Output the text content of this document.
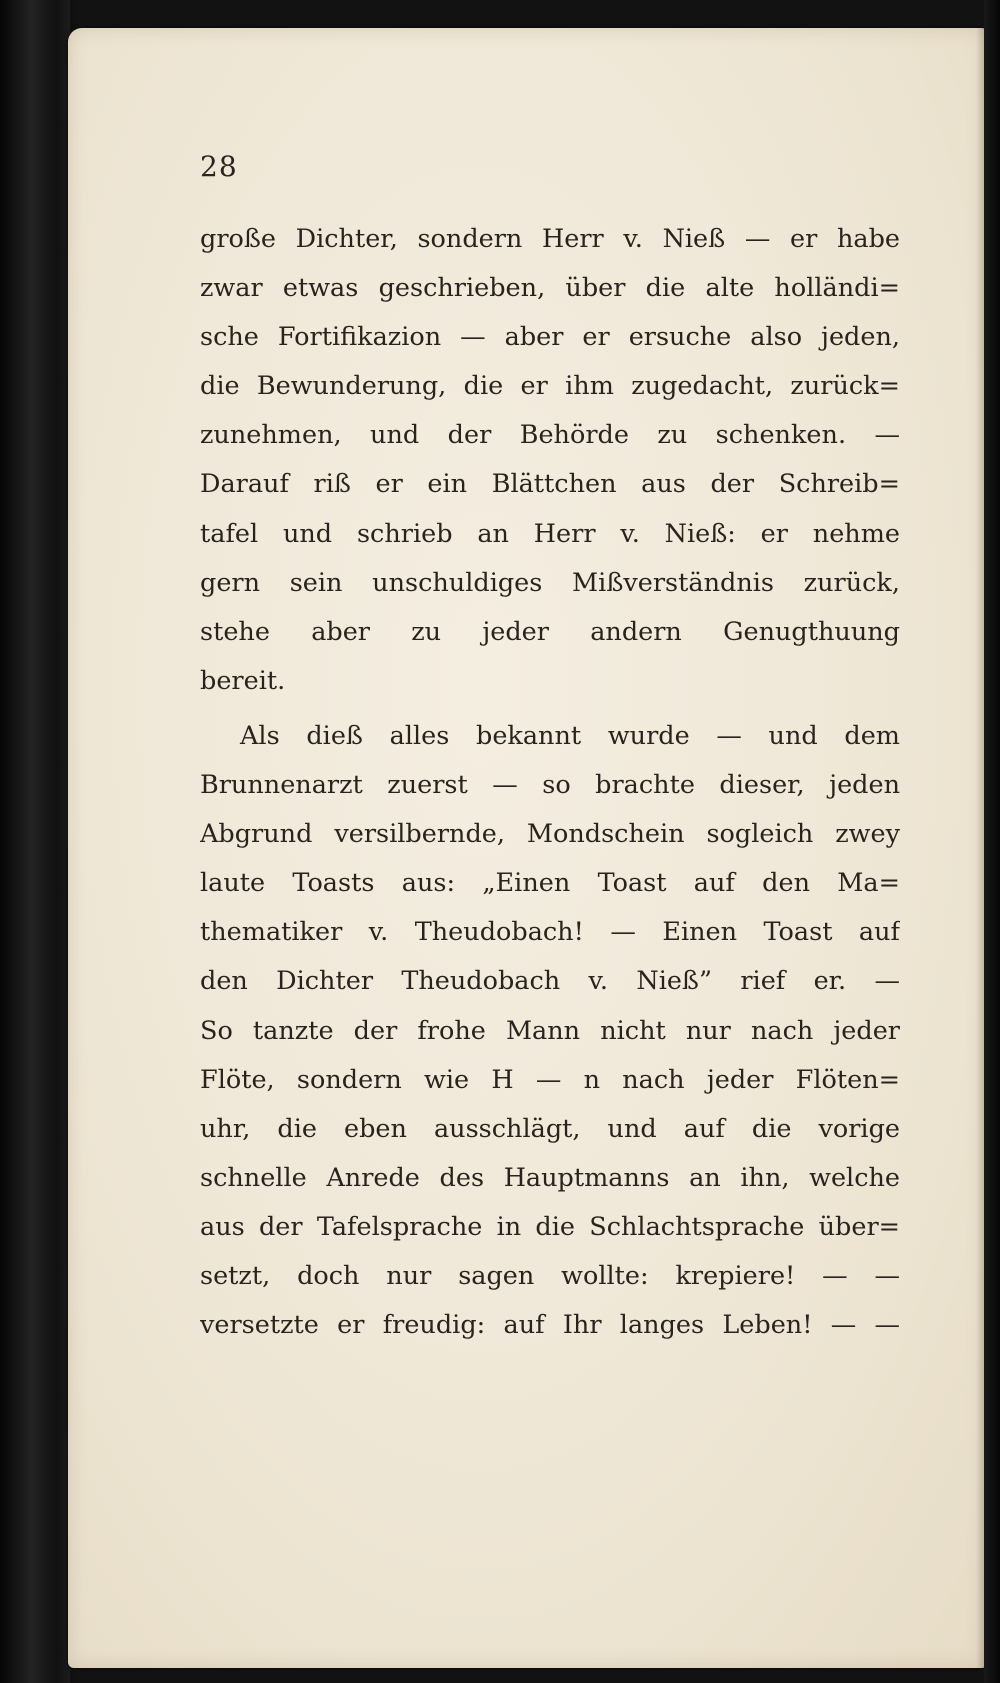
28

große Dichter, sondern Herr v. Nieß — er habe
zwar etwas geschrieben, über die alte holländi=
sche Fortifikazion — aber er ersuche also jeden,
die Bewunderung, die er ihm zugedacht, zurück=
zunehmen, und der Behörde zu schenken. —
Darauf riß er ein Blättchen aus der Schreib=
tafel und schrieb an Herr v. Nieß: er nehme
gern sein unschuldiges Mißverständnis zurück,
stehe aber zu jeder andern Genugthuung
bereit.
Als dieß alles bekannt wurde — und dem
Brunnenarzt zuerst — so brachte dieser, jeden
Abgrund versilbernde, Mondschein sogleich zwey
laute Toasts aus: „Einen Toast auf den Ma=
thematiker v. Theudobach! — Einen Toast auf
den Dichter Theudobach v. Nieß” rief er. —
So tanzte der frohe Mann nicht nur nach jeder
Flöte, sondern wie H — n nach jeder Flöten=
uhr, die eben ausschlägt, und auf die vorige
schnelle Anrede des Hauptmanns an ihn, welche
aus der Tafelsprache in die Schlachtsprache über=
setzt, doch nur sagen wollte: krepiere! — —
versetzte er freudig: auf Ihr langes Leben! — —
